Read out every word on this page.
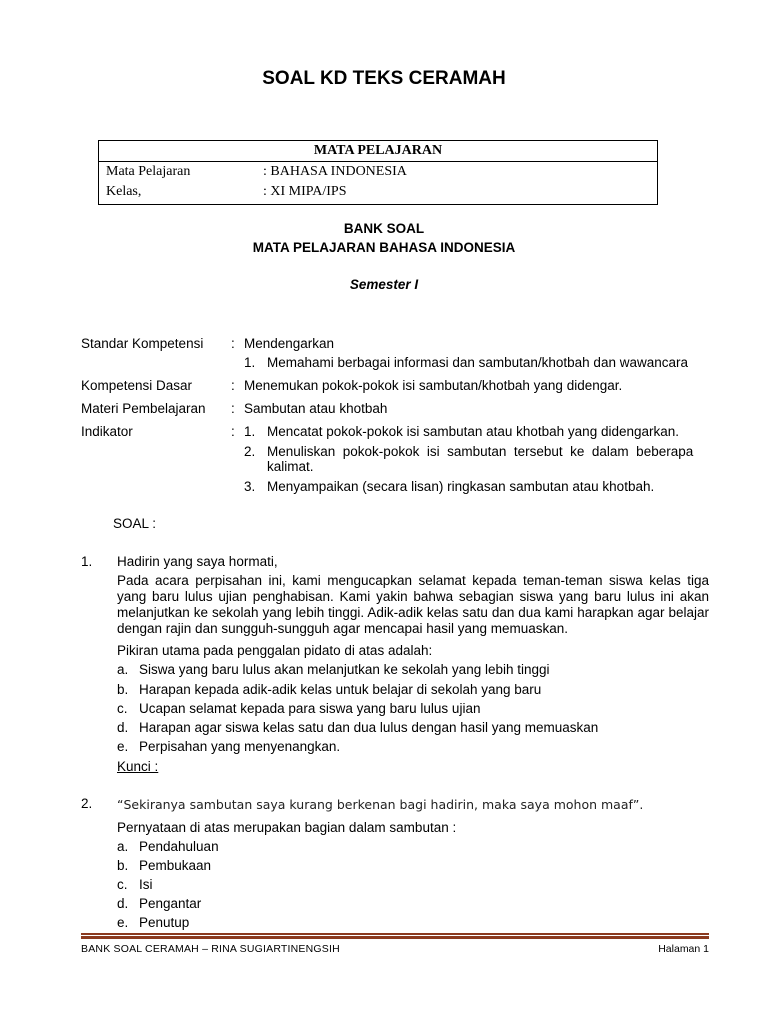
SOAL KD TEKS CERAMAH
MATA PELAJARAN
Mata Pelajaran	: BAHASA INDONESIA
Kelas,	: XI MIPA/IPS
BANK SOAL
MATA PELAJARAN BAHASA INDONESIA
Semester I
Standar Kompetensi : Mendengarkan
1. Memahami berbagai informasi dan sambutan/khotbah dan wawancara
Kompetensi Dasar	: Menemukan pokok-pokok isi sambutan/khotbah yang didengar.
Materi Pembelajaran : Sambutan atau khotbah
Indikator	: 1. Mencatat pokok-pokok isi sambutan atau khotbah yang didengarkan.
2. Menuliskan  pokok-pokok  isi  sambutan  tersebut  ke  dalam  beberapa
kalimat.
3. Menyampaikan (secara lisan) ringkasan sambutan atau khotbah.
SOAL :
1. Hadirin yang saya hormati,
Pada acara perpisahan ini, kami mengucapkan selamat kepada teman-teman siswa kelas tiga yang baru lulus ujian penghabisan. Kami yakin bahwa sebagian siswa yang baru lulus ini akan melanjutkan ke sekolah yang lebih tinggi. Adik-adik kelas satu dan dua kami harapkan agar belajar dengan rajin dan sungguh-sungguh agar mencapai hasil yang memuaskan.
Pikiran utama pada penggalan pidato di atas adalah:
a. Siswa yang baru lulus akan melanjutkan ke sekolah yang lebih tinggi
b. Harapan kepada adik-adik kelas untuk belajar di sekolah yang baru
c. Ucapan selamat kepada para siswa yang baru lulus ujian
d. Harapan agar siswa kelas satu dan dua lulus dengan hasil yang memuaskan
e. Perpisahan yang menyenangkan.
Kunci :
2. “Sekiranya sambutan saya kurang berkenan bagi hadirin, maka saya mohon maaf”.
Pernyataan di atas merupakan bagian dalam sambutan :
a. Pendahuluan
b. Pembukaan
c. Isi
d. Pengantar
e. Penutup
BANK SOAL CERAMAH – RINA SUGIARTINENGSIH	Halaman 1
